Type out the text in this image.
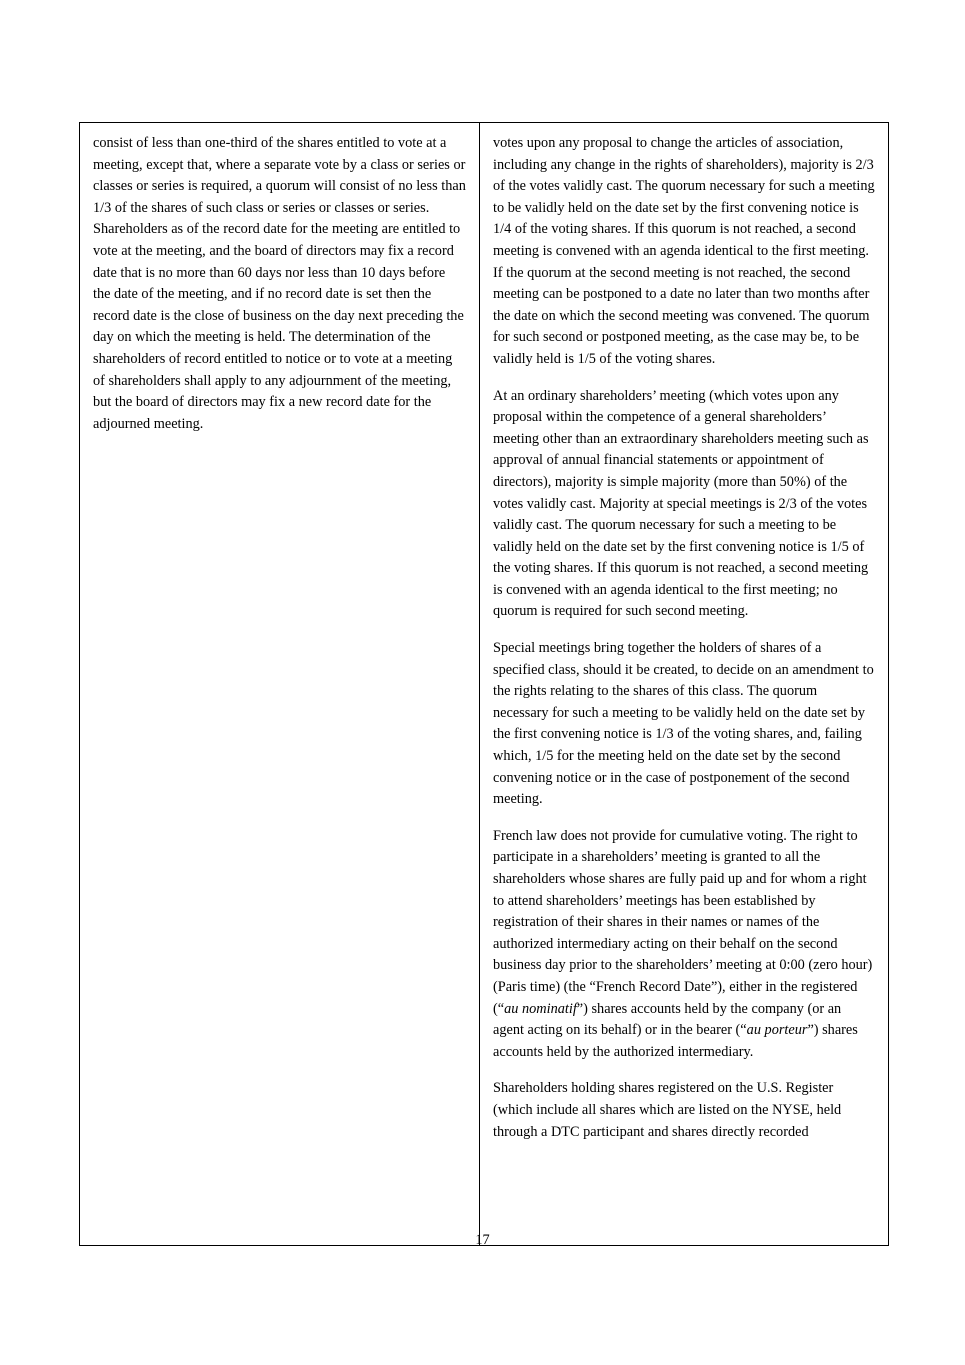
consist of less than one-third of the shares entitled to vote at a meeting, except that, where a separate vote by a class or series or classes or series is required, a quorum will consist of no less than 1/3 of the shares of such class or series or classes or series. Shareholders as of the record date for the meeting are entitled to vote at the meeting, and the board of directors may fix a record date that is no more than 60 days nor less than 10 days before the date of the meeting, and if no record date is set then the record date is the close of business on the day next preceding the day on which the meeting is held. The determination of the shareholders of record entitled to notice or to vote at a meeting of shareholders shall apply to any adjournment of the meeting, but the board of directors may fix a new record date for the adjourned meeting.

votes upon any proposal to change the articles of association, including any change in the rights of shareholders), majority is 2/3 of the votes validly cast. The quorum necessary for such a meeting to be validly held on the date set by the first convening notice is 1/4 of the voting shares. If this quorum is not reached, a second meeting is convened with an agenda identical to the first meeting. If the quorum at the second meeting is not reached, the second meeting can be postponed to a date no later than two months after the date on which the second meeting was convened. The quorum for such second or postponed meeting, as the case may be, to be validly held is 1/5 of the voting shares.

At an ordinary shareholders’ meeting (which votes upon any proposal within the competence of a general shareholders’ meeting other than an extraordinary shareholders meeting such as approval of annual financial statements or appointment of directors), majority is simple majority (more than 50%) of the votes validly cast. Majority at special meetings is 2/3 of the votes validly cast. The quorum necessary for such a meeting to be validly held on the date set by the first convening notice is 1/5 of the voting shares. If this quorum is not reached, a second meeting is convened with an agenda identical to the first meeting; no quorum is required for such second meeting.

Special meetings bring together the holders of shares of a specified class, should it be created, to decide on an amendment to the rights relating to the shares of this class. The quorum necessary for such a meeting to be validly held on the date set by the first convening notice is 1/3 of the voting shares, and, failing which, 1/5 for the meeting held on the date set by the second convening notice or in the case of postponement of the second meeting.

French law does not provide for cumulative voting. The right to participate in a shareholders’ meeting is granted to all the shareholders whose shares are fully paid up and for whom a right to attend shareholders’ meetings has been established by registration of their shares in their names or names of the authorized intermediary acting on their behalf on the second business day prior to the shareholders’ meeting at 0:00 (zero hour) (Paris time) (the “French Record Date”), either in the registered (“au nominatif”) shares accounts held by the company (or an agent acting on its behalf) or in the bearer (“au porteur”) shares accounts held by the authorized intermediary.

Shareholders holding shares registered on the U.S. Register (which include all shares which are listed on the NYSE, held through a DTC participant and shares directly recorded

17
